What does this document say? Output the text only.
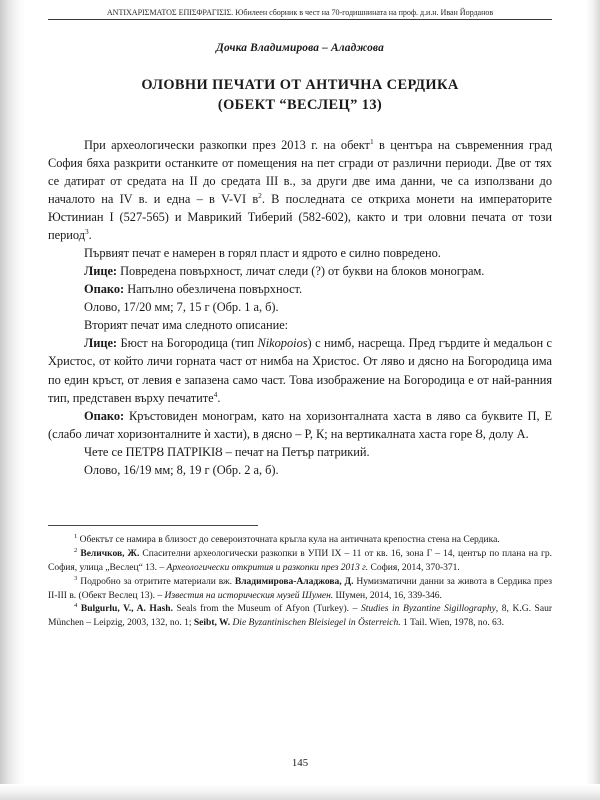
ΑΝΤΙΧΑΡΙΣΜΑΤΟΣ ΕΠΙΣΦΡΑΓΙΣΙΣ. Юбилеен сборник в чест на 70-годишнината на проф. д.и.н. Иван Йорданов
Дочка Владимирова – Аладжова
ОЛОВНИ ПЕЧАТИ ОТ АНТИЧНА СЕРДИКА
(ОБЕКТ “ВЕСЛЕЦ” 13)

При археологически разкопки през 2013 г. на обект$^1$ в центъра на съвременния град София бяха разкрити останките от помещения на пет сгради от различни периоди. Две от тях се датират от средата на II до средата III в., за други две има данни, че са използвани до началото на IV в. и една – в V-VI $в^2$. В последната се откриха монети на императорите Юстиниан I (527-565) и Маврикий Тиберий (582-602), както и три оловни печата от този период$^3$.

Първият печат е намерен в горял пласт и ядрото е силно повредено.

Лице: Повредена повърхност, личат следи (?) от букви на блоков монограм.

Опако: Напълно обезличена повърхност.

Олово, 17/20 мм; 7, 15 г (Обр. 1 а, б).

Вторият печат има следното описание:

Лице: Бюст на Богородица (тип Nikopoios) с нимб, насреща. Пред гърдите ѝ медальон с Христос, от който личи горната част от нимба на Христос. От ляво и дясно на Богородица има по един кръст, от левия е запазена само част. Това изображение на Богородица е от най-ранния тип, представен върху печатите$^4$.

Опако: Кръстовиден монограм, като на хоризонталната хаста в ляво са буквите П, Е (слабо личат хоризонталните ѝ хасти), в дясно – Р, К; на вертикалната хаста горе Ȣ, долу А.

Чете се ΠΕΤΡȢ ΠΑΤΡΙΚΙȢ – печат на Петър патрикий.

Олово, 16/19 мм; 8, 19 г (Обр. 2 а, б).

$^1$ Обектът се намира в близост до североизточната кръгла кула на античната крепостна стена на Сердика.

$^2$ Величков, Ж. Спасителни археологически разкопки в УПИ IX – 11 от кв. 16, зона Г – 14, център по плана на гр. София, улица „Веслец“ 13. – Археологически открития и разкопки през 2013 г. София, 2014, 370-371.

$^3$ Подробно за отритите материали вж. Владимирова-Аладжова, Д. Нумизматични данни за живота в Сердика през II-III в. (Обект Веслец 13). – Известия на историческия музей Шумен. Шумен, 2014, 16, 339-346.

$^4$ Bulgurlu, V., A. Hash. Seals from the Museum of Afyon (Turkey). – Studies in Byzantine Sigillography, 8, K.G. Saur München – Leipzig, 2003, 132, no. 1; Seibt, W. Die Byzantinischen Bleisiegel in Österreich. 1 Tail. Wien, 1978, no. 63.

145
